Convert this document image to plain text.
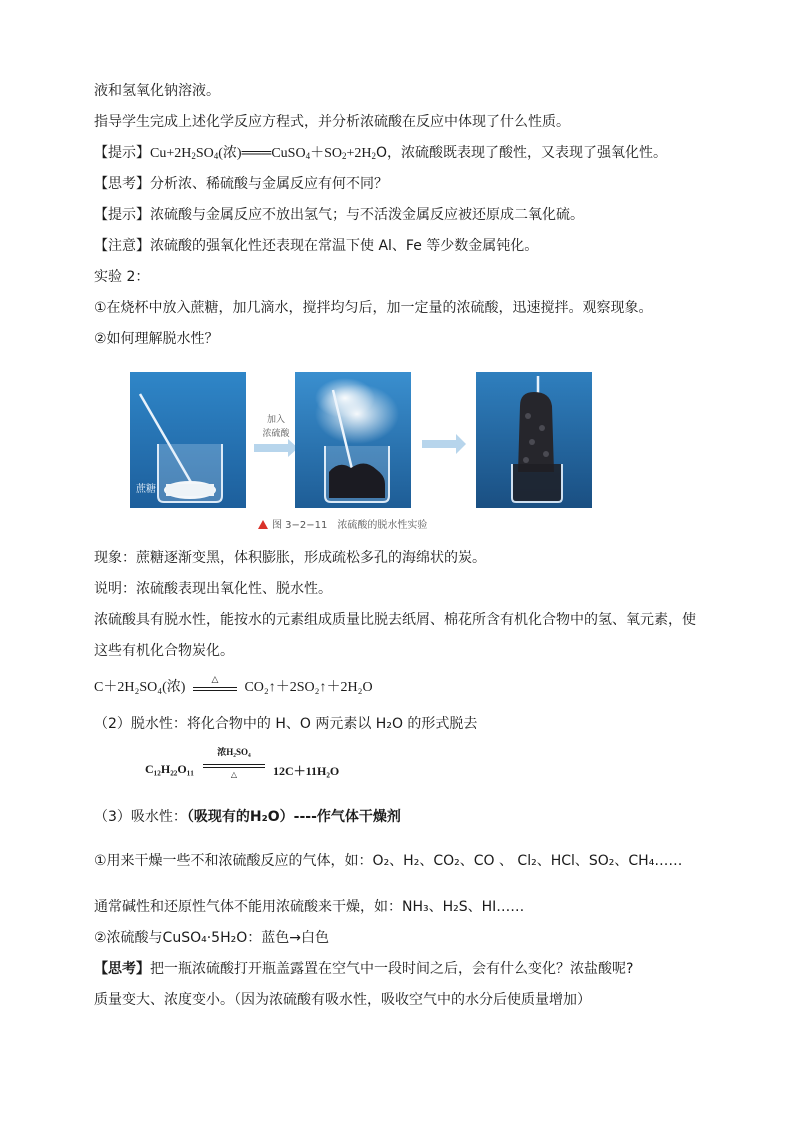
液和氢氧化钠溶液。
指导学生完成上述化学反应方程式，并分析浓硫酸在反应中体现了什么性质。
【提示】$Cu+2H_2SO_4$(浓)$═══CuSO_4+SO_2+2H_2O$，浓硫酸既表现了酸性，又表现了强氧化性。
【思考】分析浓、稀硫酸与金属反应有何不同？
【提示】浓硫酸与金属反应不放出氢气；与不活泼金属反应被还原成二氧化硫。
【注意】浓硫酸的强氧化性还表现在常温下使 Al、Fe 等少数金属钝化。
实验 2：
①在烧杯中放入蔗糖，加几滴水，搅拌均匀后，加一定量的浓硫酸，迅速搅拌。观察现象。
②如何理解脱水性？
蔗糖
加入
浓硫酸
图 3−2−11　浓硫酸的脱水性实验
现象：蔗糖逐渐变黑，体积膨胀，形成疏松多孔的海绵状的炭。
说明：浓硫酸表现出氧化性、脱水性。
浓硫酸具有脱水性，能按水的元素组成质量比脱去纸屑、棉花所含有机化合物中的氢、氧元素，使
这些有机化合物炭化。
C＋2H₂SO₄(浓)
△
CO₂↑＋2SO₂↑＋2H₂O
（2）脱水性：将化合物中的 H、O 两元素以 H₂O 的形式脱去
C₁₂H₂₂O₁₁
浓H₂SO₄
△	12C＋11H₂O
（3）吸水性：（吸现有的H₂O）----作气体干燥剂
①用来干燥一些不和浓硫酸反应的气体，如：O₂、H₂、CO₂、CO 、 Cl₂、HCl、SO₂、CH₄……
通常碱性和还原性气体不能用浓硫酸来干燥，如：NH₃、H₂S、HI……
②浓硫酸与CuSO₄·5H₂O：蓝色→白色
【思考】把一瓶浓硫酸打开瓶盖露置在空气中一段时间之后，会有什么变化？浓盐酸呢?
质量变大、浓度变小。（因为浓硫酸有吸水性，吸收空气中的水分后使质量增加）
